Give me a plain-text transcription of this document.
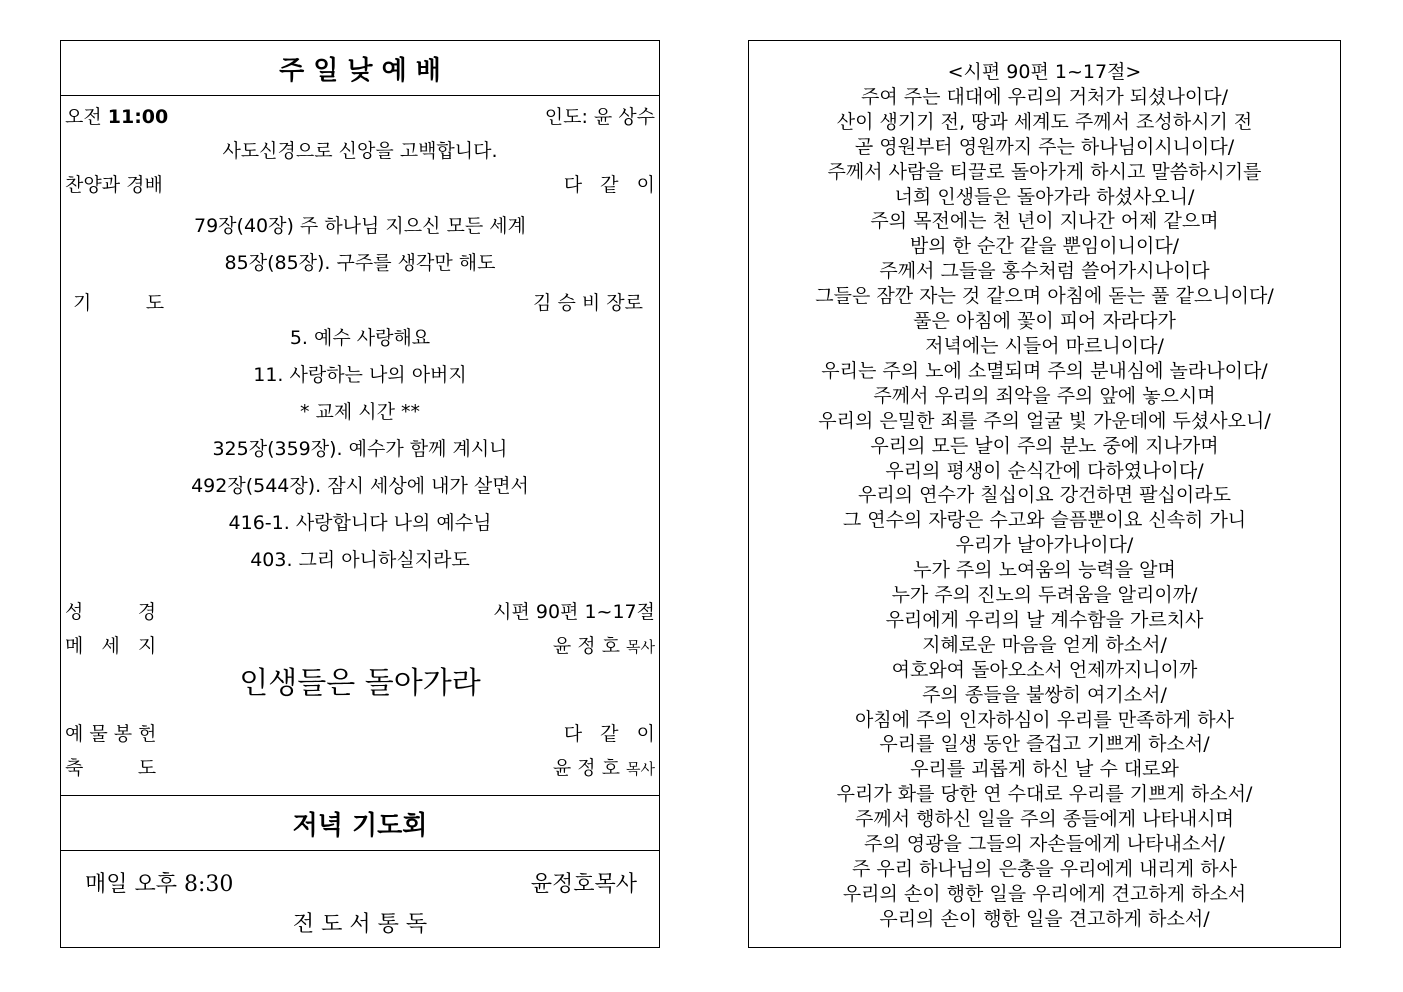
주 일 낮 예 배
오전 11:00	인도: 윤 상수
사도신경으로 신앙을 고백합니다.
찬양과 경배	다   같   이
79장(40장) 주 하나님 지으신 모든 세계
85장(85장). 구주를 생각만 해도
기         도	김 승 비 장로
5. 예수 사랑해요
11. 사랑하는 나의 아버지
* 교제 시간 **
325장(359장). 예수가 함께 계시니
492장(544장). 잠시 세상에 내가 살면서
416-1. 사랑합니다 나의 예수님
403. 그리 아니하실지라도
성         경	시편 90편 1~17절
메   세   지	윤 정 호 목사
인생들은 돌아가라
예 물 봉 헌	다   같   이
축         도	윤 정 호 목사
저녁 기도회
매일 오후 8:30	윤정호목사
전 도 서 통 독
<시편 90편 1~17절>
주여 주는 대대에 우리의 거처가 되셨나이다/
산이 생기기 전, 땅과 세계도 주께서 조성하시기 전
곧 영원부터 영원까지 주는 하나님이시니이다/
주께서 사람을 티끌로 돌아가게 하시고 말씀하시기를
너희 인생들은 돌아가라 하셨사오니/
주의 목전에는 천 년이 지나간 어제 같으며
밤의 한 순간 같을 뿐임이니이다/
주께서 그들을 홍수처럼 쓸어가시나이다
그들은 잠깐 자는 것 같으며 아침에 돋는 풀 같으니이다/
풀은 아침에 꽃이 피어 자라다가
저녁에는 시들어 마르니이다/
우리는 주의 노에 소멸되며 주의 분내심에 놀라나이다/
주께서 우리의 죄악을 주의 앞에 놓으시며
우리의 은밀한 죄를 주의 얼굴 빛 가운데에 두셨사오니/
우리의 모든 날이 주의 분노 중에 지나가며
우리의 평생이 순식간에 다하였나이다/
우리의 연수가 칠십이요 강건하면 팔십이라도
그 연수의 자랑은 수고와 슬픔뿐이요 신속히 가니
우리가 날아가나이다/
누가 주의 노여움의 능력을 알며
누가 주의 진노의 두려움을 알리이까/
우리에게 우리의 날 계수함을 가르치사
지혜로운 마음을 얻게 하소서/
여호와여 돌아오소서 언제까지니이까
주의 종들을 불쌍히 여기소서/
아침에 주의 인자하심이 우리를 만족하게 하사
우리를 일생 동안 즐겁고 기쁘게 하소서/
우리를 괴롭게 하신 날 수 대로와
우리가 화를 당한 연 수대로 우리를 기쁘게 하소서/
주께서 행하신 일을 주의 종들에게 나타내시며
주의 영광을 그들의 자손들에게 나타내소서/
주 우리 하나님의 은총을 우리에게 내리게 하사
우리의 손이 행한 일을 우리에게 견고하게 하소서
우리의 손이 행한 일을 견고하게 하소서/
